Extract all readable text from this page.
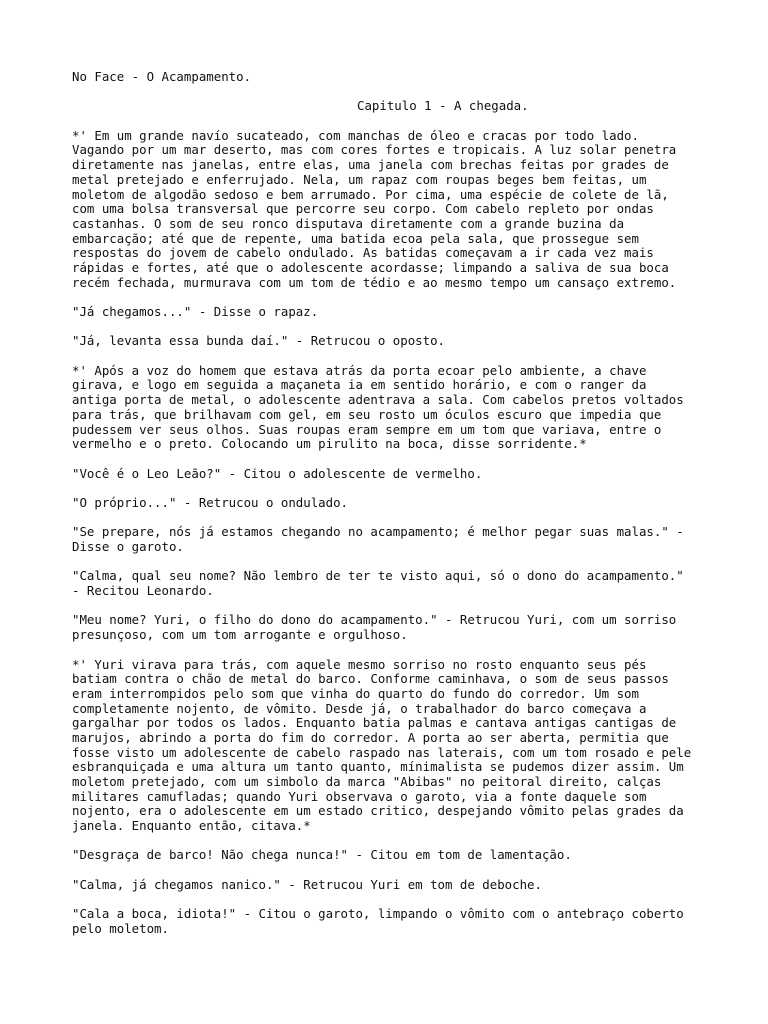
No Face - O Acampamento.
Capitulo 1 - A chegada.
*' Em um grande navío sucateado, com manchas de óleo e cracas por todo lado.
Vagando por um mar deserto, mas com cores fortes e tropicais. A luz solar penetra
diretamente nas janelas, entre elas, uma janela com brechas feitas por grades de
metal pretejado e enferrujado. Nela, um rapaz com roupas beges bem feitas, um
moletom de algodão sedoso e bem arrumado. Por cima, uma espécie de colete de lã,
com uma bolsa transversal que percorre seu corpo. Com cabelo repleto por ondas
castanhas. O som de seu ronco disputava diretamente com a grande buzina da
embarcação; até que de repente, uma batida ecoa pela sala, que prossegue sem
respostas do jovem de cabelo ondulado. As batidas começavam a ir cada vez mais
rápidas e fortes, até que o adolescente acordasse; limpando a saliva de sua boca
recém fechada, murmurava com um tom de tédio e ao mesmo tempo um cansaço extremo.
"Já chegamos..." - Disse o rapaz.
"Já, levanta essa bunda daí." - Retrucou o oposto.
*' Após a voz do homem que estava atrás da porta ecoar pelo ambiente, a chave
girava, e logo em seguida a maçaneta ia em sentido horário, e com o ranger da
antiga porta de metal, o adolescente adentrava a sala. Com cabelos pretos voltados
para trás, que brilhavam com gel, em seu rosto um óculos escuro que impedia que
pudessem ver seus olhos. Suas roupas eram sempre em um tom que variava, entre o
vermelho e o preto. Colocando um pirulito na boca, disse sorridente.*
"Você é o Leo Leão?" - Citou o adolescente de vermelho.
"O próprio..." - Retrucou o ondulado.
"Se prepare, nós já estamos chegando no acampamento; é melhor pegar suas malas." -
Disse o garoto.
"Calma, qual seu nome? Não lembro de ter te visto aqui, só o dono do acampamento."
- Recitou Leonardo.
"Meu nome? Yuri, o filho do dono do acampamento." - Retrucou Yuri, com um sorriso
presunçoso, com um tom arrogante e orgulhoso.
*' Yuri virava para trás, com aquele mesmo sorriso no rosto enquanto seus pés
batiam contra o chão de metal do barco. Conforme caminhava, o som de seus passos
eram interrompidos pelo som que vinha do quarto do fundo do corredor. Um som
completamente nojento, de vômito. Desde já, o trabalhador do barco começava a
gargalhar por todos os lados. Enquanto batia palmas e cantava antigas cantigas de
marujos, abrindo a porta do fim do corredor. A porta ao ser aberta, permitia que
fosse visto um adolescente de cabelo raspado nas laterais, com um tom rosado e pele
esbranquiçada e uma altura um tanto quanto, mínimalista se pudemos dizer assim. Um
moletom pretejado, com um simbolo da marca "Abibas" no peitoral direito, calças
militares camufladas; quando Yuri observava o garoto, via a fonte daquele som
nojento, era o adolescente em um estado critico, despejando vômito pelas grades da
janela. Enquanto então, citava.*
"Desgraça de barco! Não chega nunca!" - Citou em tom de lamentação.
"Calma, já chegamos nanico." - Retrucou Yuri em tom de deboche.
"Cala a boca, idiota!" - Citou o garoto, limpando o vômito com o antebraço coberto
pelo moletom.
